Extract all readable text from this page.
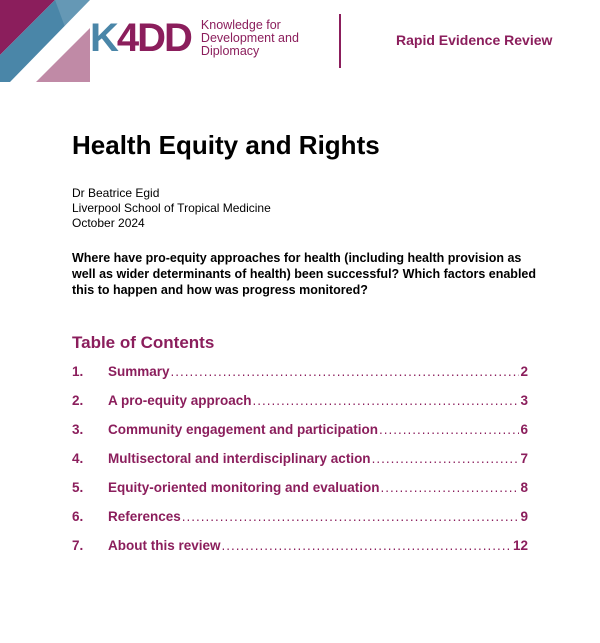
K4DD Knowledge for
Development and
Diplomacy
Rapid Evidence Review
Health Equity and Rights
Dr Beatrice Egid
Liverpool School of Tropical Medicine
October 2024
Where have pro-equity approaches for health (including health provision as well as wider determinants of health) been successful? Which factors enabled this to happen and how was progress monitored?
Table of Contents
1.	Summary .....	2
2.	A pro-equity approach .....	3
3.	Community engagement and participation .....	6
4.	Multisectoral and interdisciplinary action .....	7
5.	Equity-oriented monitoring and evaluation .....	8
6.	References .....	9
7.	About this review .....	12
